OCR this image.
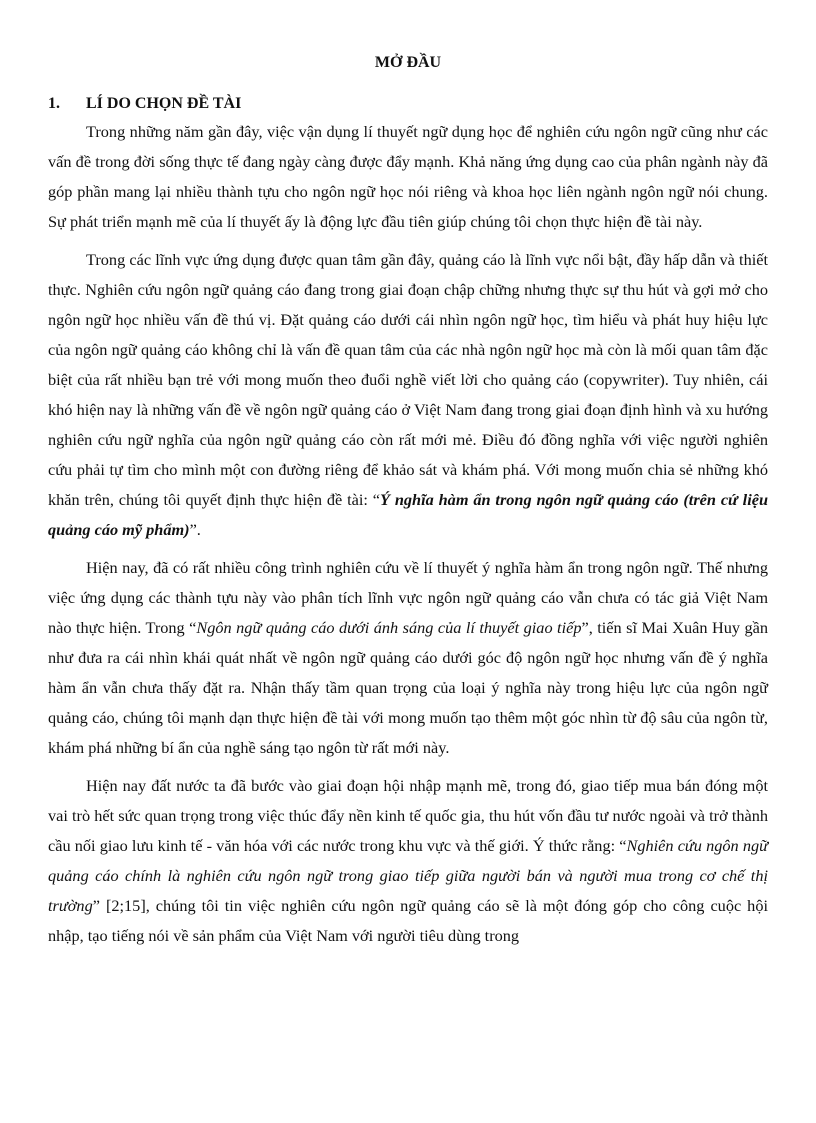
MỞ ĐẦU
1.	LÍ DO CHỌN ĐỀ TÀI

Trong những năm gần đây, việc vận dụng lí thuyết ngữ dụng học để nghiên cứu ngôn ngữ cũng như các vấn đề trong đời sống thực tế đang ngày càng được đẩy mạnh. Khả năng ứng dụng cao của phân ngành này đã góp phần mang lại nhiều thành tựu cho ngôn ngữ học nói riêng và khoa học liên ngành ngôn ngữ nói chung. Sự phát triển mạnh mẽ của lí thuyết ấy là động lực đầu tiên giúp chúng tôi chọn thực hiện đề tài này.

Trong các lĩnh vực ứng dụng được quan tâm gần đây, quảng cáo là lĩnh vực nổi bật, đầy hấp dẫn và thiết thực. Nghiên cứu ngôn ngữ quảng cáo đang trong giai đoạn chập chững nhưng thực sự thu hút và gợi mở cho ngôn ngữ học nhiều vấn đề thú vị. Đặt quảng cáo dưới cái nhìn ngôn ngữ học, tìm hiểu và phát huy hiệu lực của ngôn ngữ quảng cáo không chỉ là vấn đề quan tâm của các nhà ngôn ngữ học mà còn là mối quan tâm đặc biệt của rất nhiều bạn trẻ với mong muốn theo đuổi nghề viết lời cho quảng cáo (copywriter). Tuy nhiên, cái khó hiện nay là những vấn đề về ngôn ngữ quảng cáo ở Việt Nam đang trong giai đoạn định hình và xu hướng nghiên cứu ngữ nghĩa của ngôn ngữ quảng cáo còn rất mới mẻ. Điều đó đồng nghĩa với việc người nghiên cứu phải tự tìm cho mình một con đường riêng để khảo sát và khám phá. Với mong muốn chia sẻ những khó khăn trên, chúng tôi quyết định thực hiện đề tài: “Ý nghĩa hàm ẩn trong ngôn ngữ quảng cáo (trên cứ liệu quảng cáo mỹ phẩm)”.

Hiện nay, đã có rất nhiều công trình nghiên cứu về lí thuyết ý nghĩa hàm ẩn trong ngôn ngữ. Thế nhưng việc ứng dụng các thành tựu này vào phân tích lĩnh vực ngôn ngữ quảng cáo vẫn chưa có tác giả Việt Nam nào thực hiện. Trong “Ngôn ngữ quảng cáo dưới ánh sáng của lí thuyết giao tiếp”, tiến sĩ Mai Xuân Huy gần như đưa ra cái nhìn khái quát nhất về ngôn ngữ quảng cáo dưới góc độ ngôn ngữ học nhưng vấn đề ý nghĩa hàm ẩn vẫn chưa thấy đặt ra. Nhận thấy tầm quan trọng của loại ý nghĩa này trong hiệu lực của ngôn ngữ quảng cáo, chúng tôi mạnh dạn thực hiện đề tài với mong muốn tạo thêm một góc nhìn từ độ sâu của ngôn từ, khám phá những bí ẩn của nghề sáng tạo ngôn từ rất mới này.

Hiện nay đất nước ta đã bước vào giai đoạn hội nhập mạnh mẽ, trong đó, giao tiếp mua bán đóng một vai trò hết sức quan trọng trong việc thúc đẩy nền kinh tế quốc gia, thu hút vốn đầu tư nước ngoài và trở thành cầu nối giao lưu kinh tế - văn hóa với các nước trong khu vực và thế giới. Ý thức rằng: “Nghiên cứu ngôn ngữ quảng cáo chính là nghiên cứu ngôn ngữ trong giao tiếp giữa người bán và người mua trong cơ chế thị trường” [2;15], chúng tôi tin việc nghiên cứu ngôn ngữ quảng cáo sẽ là một đóng góp cho công cuộc hội nhập, tạo tiếng nói về sản phẩm của Việt Nam với người tiêu dùng trong
